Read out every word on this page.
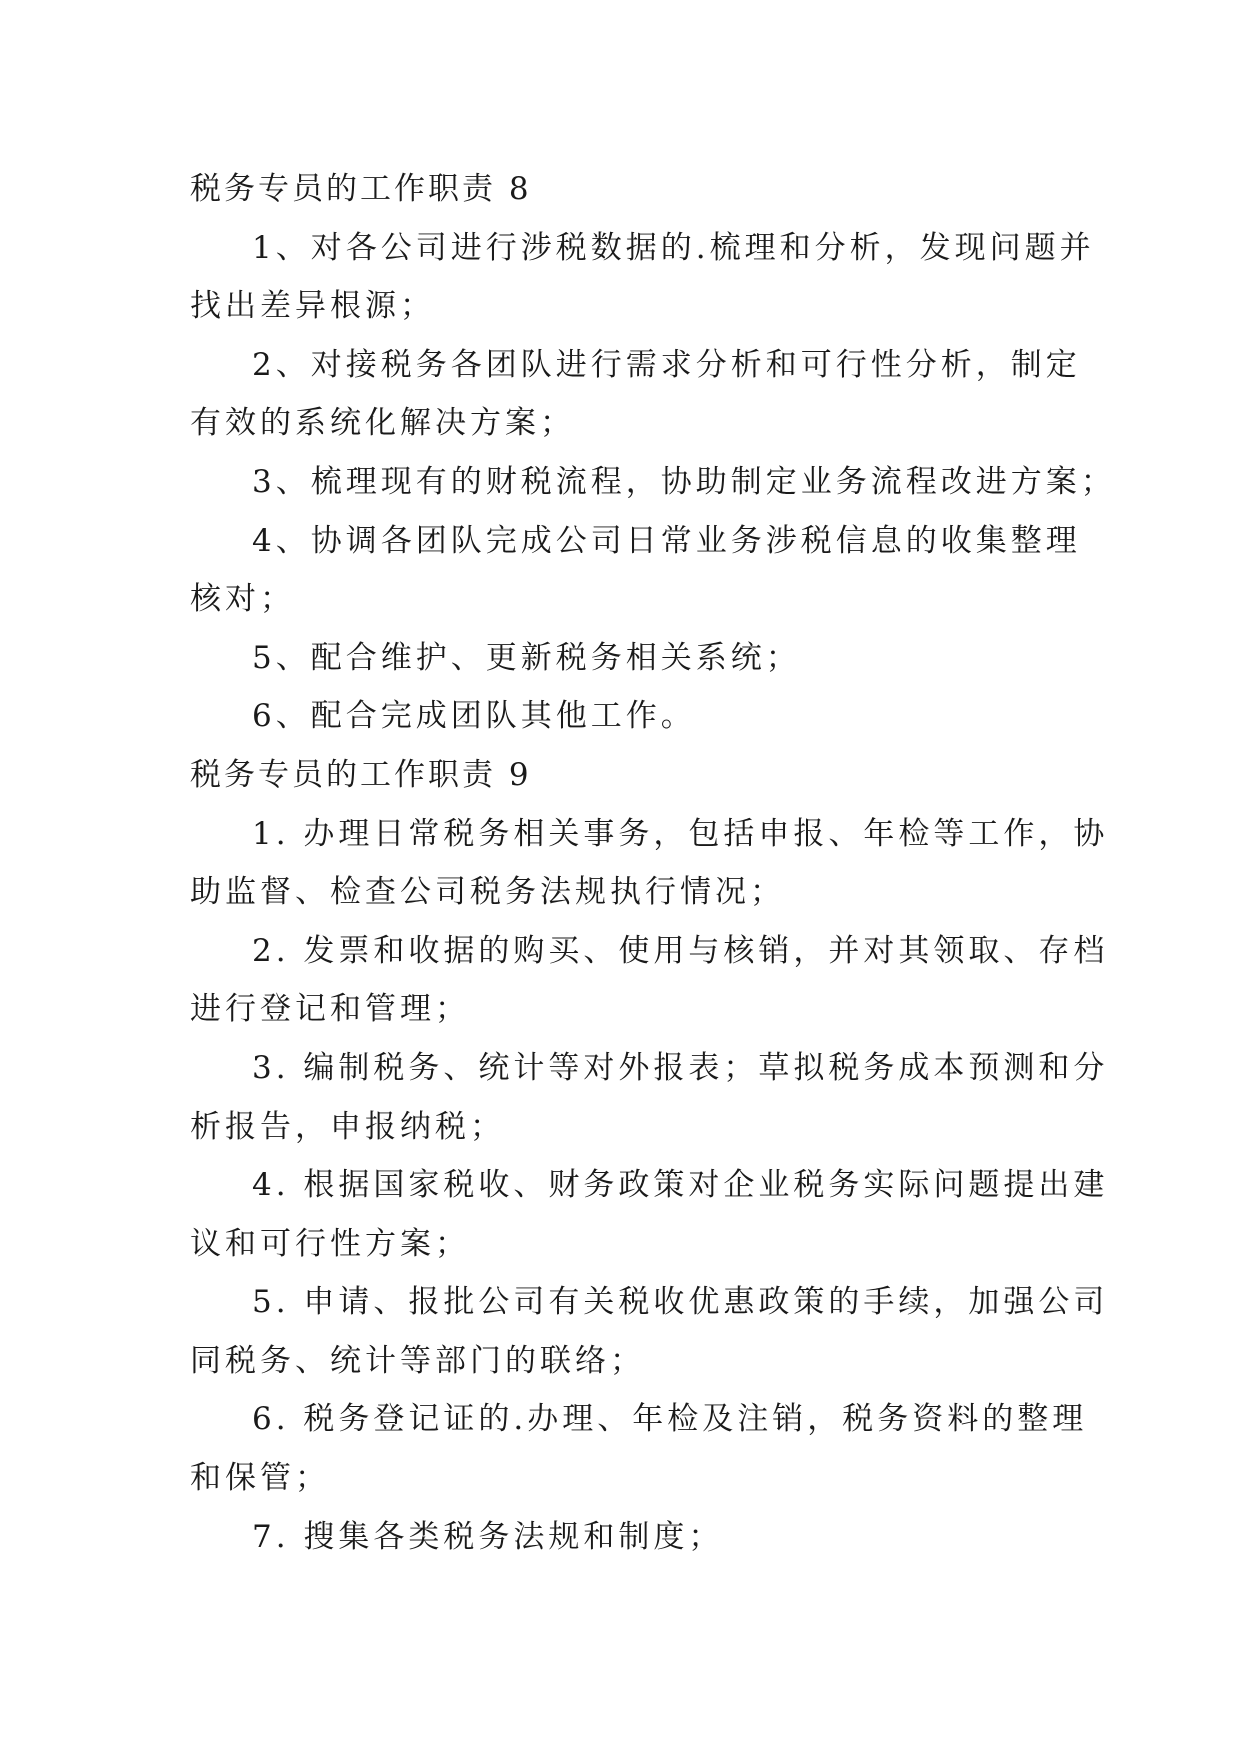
税务专员的工作职责 8
1、对各公司进行涉税数据的.梳理和分析，发现问题并
找出差异根源；
2、对接税务各团队进行需求分析和可行性分析，制定
有效的系统化解决方案；
3、梳理现有的财税流程，协助制定业务流程改进方案；
4、协调各团队完成公司日常业务涉税信息的收集整理
核对；
5、配合维护、更新税务相关系统；
6、配合完成团队其他工作。
税务专员的工作职责 9
1. 办理日常税务相关事务，包括申报、年检等工作，协
助监督、检查公司税务法规执行情况；
2. 发票和收据的购买、使用与核销，并对其领取、存档
进行登记和管理；
3. 编制税务、统计等对外报表；草拟税务成本预测和分
析报告，申报纳税；
4. 根据国家税收、财务政策对企业税务实际问题提出建
议和可行性方案；
5. 申请、报批公司有关税收优惠政策的手续，加强公司
同税务、统计等部门的联络；
6. 税务登记证的.办理、年检及注销，税务资料的整理
和保管；
7. 搜集各类税务法规和制度；
